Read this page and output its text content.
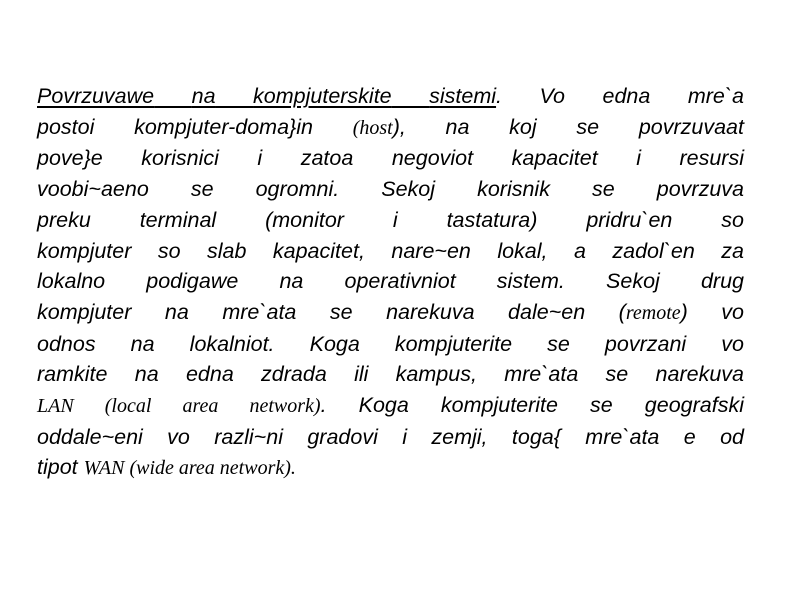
Povrzuvawe na kompjuterskite sistemi. Vo edna mre`a
postoi kompjuter-doma}in (host), na koj se povrzuvaat
pove}e korisnici i zatoa negoviot kapacitet i resursi
voobi~aeno se ogromni. Sekoj korisnik se povrzuva
preku terminal (monitor i tastatura) pridru`en so
kompjuter so slab kapacitet, nare~en lokal, a zadol`en za
lokalno podigawe na operativniot sistem. Sekoj drug
kompjuter na mre`ata se narekuva dale~en (remote) vo
odnos na lokalniot. Koga kompjuterite se povrzani vo
ramkite na edna zdrada ili kampus, mre`ata se narekuva
LAN (local area network). Koga kompjuterite se geografski
oddale~eni vo razli~ni gradovi i zemji, toga{ mre`ata e od
tipot WAN (wide area network).
